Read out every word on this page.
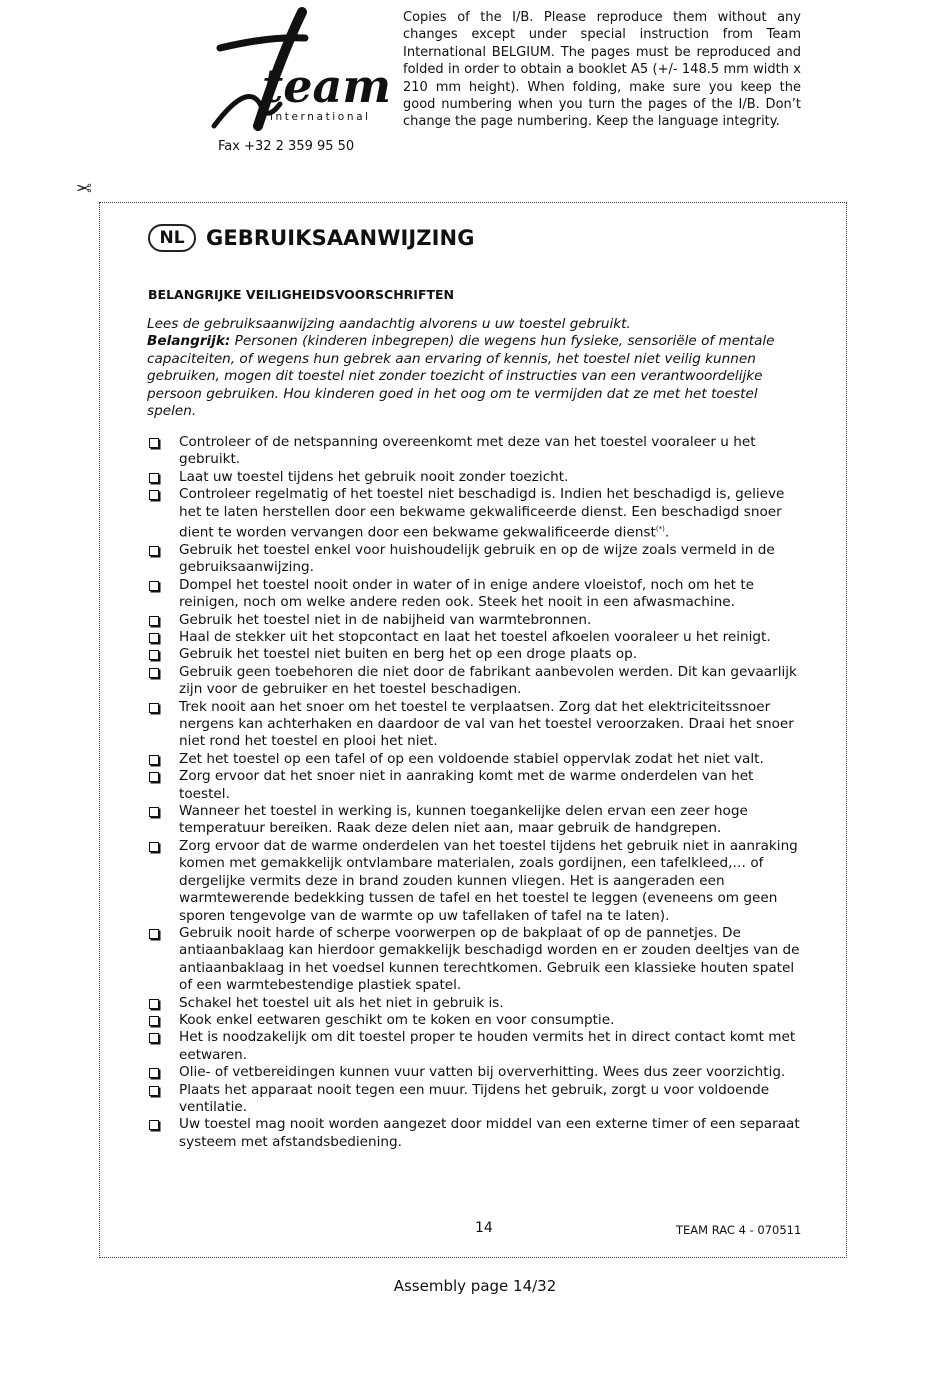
team
international
Fax +32 2 359 95 50
Copies of the I/B. Please reproduce them without any changes except under special instruction from Team International BELGIUM. The pages must be reproduced and folded in order to obtain a booklet A5 (+/- 148.5 mm width x 210 mm height). When folding, make sure you keep the good numbering when you turn the pages of the I/B. Don’t change the page numbering. Keep the language integrity.
✂
NL	GEBRUIKSAANWIJZING
BELANGRIJKE VEILIGHEIDSVOORSCHRIFTEN

Lees de gebruiksaanwijzing aandachtig alvorens u uw toestel gebruikt.

Belangrijk: Personen (kinderen inbegrepen) die wegens hun fysieke, sensoriële of mentale capaciteiten, of wegens hun gebrek aan ervaring of kennis, het toestel niet veilig kunnen gebruiken, mogen dit toestel niet zonder toezicht of instructies van een verantwoordelijke persoon gebruiken. Hou kinderen goed in het oog om te vermijden dat ze met het toestel spelen.

Controleer of de netspanning overeenkomt met deze van het toestel vooraleer u het gebruikt.
Laat uw toestel tijdens het gebruik nooit zonder toezicht.
Controleer regelmatig of het toestel niet beschadigd is. Indien het beschadigd is, gelieve het te laten herstellen door een bekwame gekwalificeerde dienst. Een beschadigd snoer dient te worden vervangen door een bekwame gekwalificeerde dienst(*).
Gebruik het toestel enkel voor huishoudelijk gebruik en op de wijze zoals vermeld in de gebruiksaanwijzing.
Dompel het toestel nooit onder in water of in enige andere vloeistof, noch om het te reinigen, noch om welke andere reden ook. Steek het nooit in een afwasmachine.
Gebruik het toestel niet in de nabijheid van warmtebronnen.
Haal de stekker uit het stopcontact en laat het toestel afkoelen vooraleer u het reinigt.
Gebruik het toestel niet buiten en berg het op een droge plaats op.
Gebruik geen toebehoren die niet door de fabrikant aanbevolen werden. Dit kan gevaarlijk zijn voor de gebruiker en het toestel beschadigen.
Trek nooit aan het snoer om het toestel te verplaatsen. Zorg dat het elektriciteitssnoer nergens kan achterhaken en daardoor de val van het toestel veroorzaken. Draai het snoer niet rond het toestel en plooi het niet.
Zet het toestel op een tafel of op een voldoende stabiel oppervlak zodat het niet valt.
Zorg ervoor dat het snoer niet in aanraking komt met de warme onderdelen van het toestel.
Wanneer het toestel in werking is, kunnen toegankelijke delen ervan een zeer hoge temperatuur bereiken. Raak deze delen niet aan, maar gebruik de handgrepen.
Zorg ervoor dat de warme onderdelen van het toestel tijdens het gebruik niet in aanraking komen met gemakkelijk ontvlambare materialen, zoals gordijnen, een tafelkleed,… of dergelijke vermits deze in brand zouden kunnen vliegen. Het is aangeraden een warmtewerende bedekking tussen de tafel en het toestel te leggen (eveneens om geen sporen tengevolge van de warmte op uw tafellaken of tafel na te laten).
Gebruik nooit harde of scherpe voorwerpen op de bakplaat of op de pannetjes. De antiaanbaklaag kan hierdoor gemakkelijk beschadigd worden en er zouden deeltjes van de antiaanbaklaag in het voedsel kunnen terechtkomen. Gebruik een klassieke houten spatel of een warmtebestendige plastiek spatel.
Schakel het toestel uit als het niet in gebruik is.
Kook enkel eetwaren geschikt om te koken en voor consumptie.
Het is noodzakelijk om dit toestel proper te houden vermits het in direct contact komt met eetwaren.
Olie- of vetbereidingen kunnen vuur vatten bij oververhitting. Wees dus zeer voorzichtig.
Plaats het apparaat nooit tegen een muur. Tijdens het gebruik, zorgt u voor voldoende ventilatie.
Uw toestel mag nooit worden aangezet door middel van een externe timer of een separaat systeem met afstandsbediening.
14	TEAM RAC 4 - 070511
Assembly page 14/32
